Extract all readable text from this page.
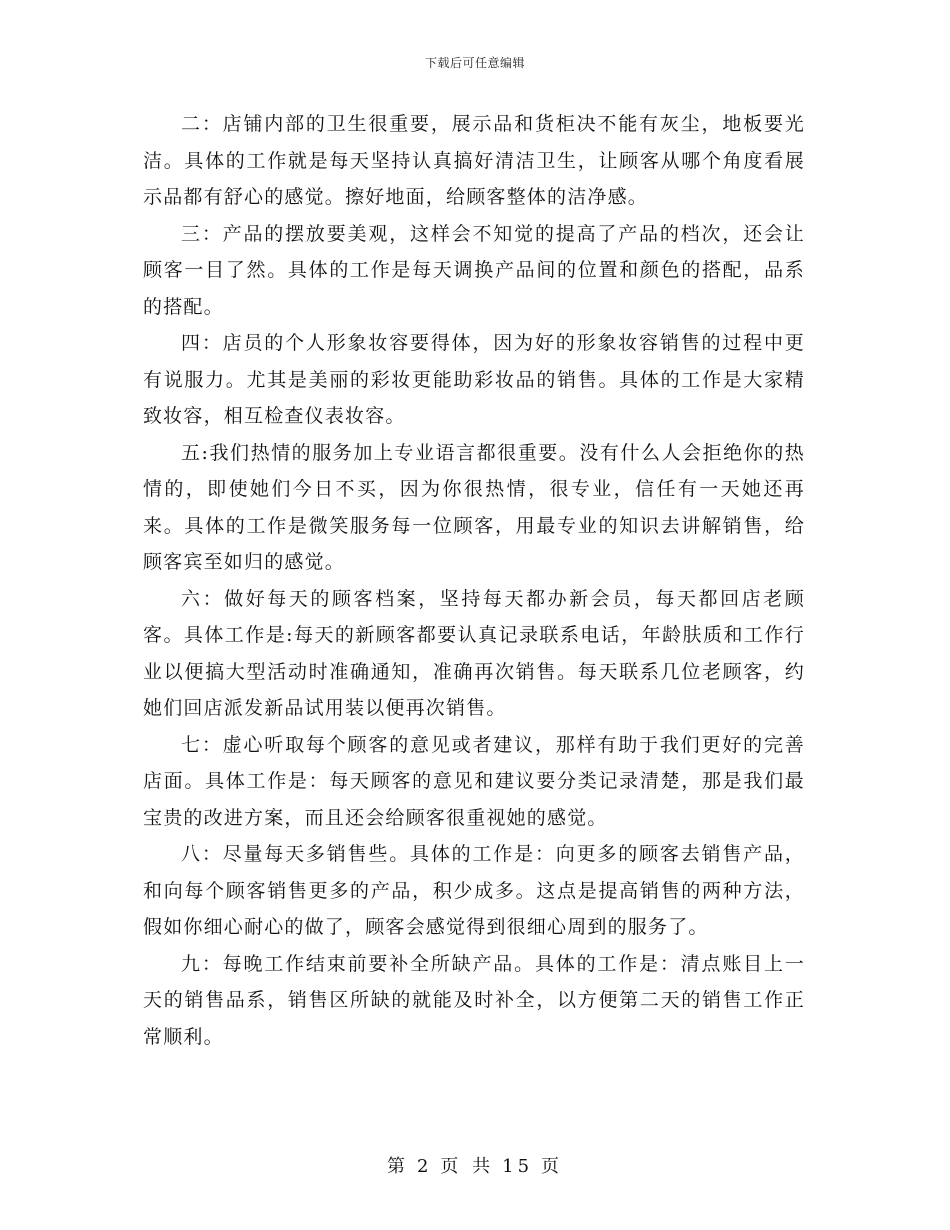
下载后可任意编辑

二：店铺内部的卫生很重要，展示品和货柜决不能有灰尘，地板要光洁。具体的工作就是每天坚持认真搞好清洁卫生，让顾客从哪个角度看展示品都有舒心的感觉。擦好地面，给顾客整体的洁净感。

三：产品的摆放要美观，这样会不知觉的提高了产品的档次，还会让顾客一目了然。具体的工作是每天调换产品间的位置和颜色的搭配，品系的搭配。

四：店员的个人形象妆容要得体，因为好的形象妆容销售的过程中更有说服力。尤其是美丽的彩妆更能助彩妆品的销售。具体的工作是大家精致妆容，相互检查仪表妆容。

五:我们热情的服务加上专业语言都很重要。没有什么人会拒绝你的热情的，即使她们今日不买，因为你很热情，很专业，信任有一天她还再来。具体的工作是微笑服务每一位顾客，用最专业的知识去讲解销售，给顾客宾至如归的感觉。

六：做好每天的顾客档案，坚持每天都办新会员，每天都回店老顾客。具体工作是:每天的新顾客都要认真记录联系电话，年龄肤质和工作行业以便搞大型活动时准确通知，准确再次销售。每天联系几位老顾客，约她们回店派发新品试用装以便再次销售。

七：虚心听取每个顾客的意见或者建议，那样有助于我们更好的完善店面。具体工作是：每天顾客的意见和建议要分类记录清楚，那是我们最宝贵的改进方案，而且还会给顾客很重视她的感觉。

八：尽量每天多销售些。具体的工作是：向更多的顾客去销售产品，和向每个顾客销售更多的产品，积少成多。这点是提高销售的两种方法，假如你细心耐心的做了，顾客会感觉得到很细心周到的服务了。

九：每晚工作结束前要补全所缺产品。具体的工作是：清点账目上一天的销售品系，销售区所缺的就能及时补全，以方便第二天的销售工作正常顺利。

第 2 页 共 15 页
